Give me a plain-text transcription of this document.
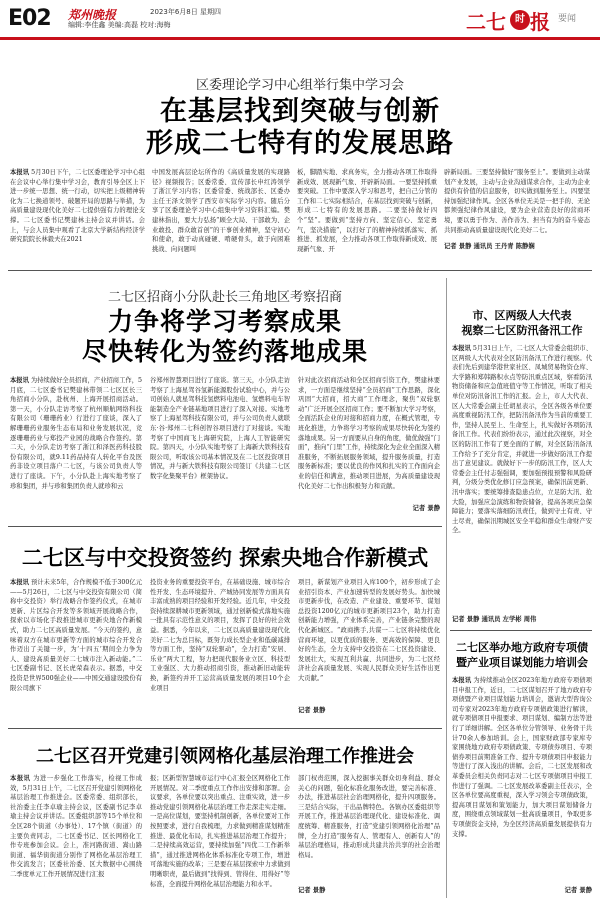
E02 郑州晚报	2023年6月8日 星期四
编辑:李佳鑫 美编:高磊 校对:海梅	二七 时 报 要闻
区委理论学习中心组举行集中学习会
在基层找到突破与创新
形成二七特有的发展思路
本报讯 5月30日下午，二七区委理论学习中心组在会议中心举行集中学习会，教育引导全区上下进一步统一思想、统一行动，切实把上级精神转化为二七换道领号、破题开局的思路与举措，为高质量建设现代化美好二七提供强有力的理论支撑。二七区委书记樊建林主持会议并讲话。会上，与会人员集中观看了北京大学新结构经济学研究院院长林毅夫在2021
中国发展高层论坛所作的《高质量发展的实现路径》视频报告；区委常委、宣传部长申红涛领学了浙江学习内容；区委常委、统战部长、区委办主任王泽文领学了西安市实际学习内容。随后分享了区委理论学习中心组集中学习资料汇编。樊建林指出，要大力弘扬“顾全大局、干部敢为、企业敢投、群众敢首创”的干事创业精神，坚守初心和使命，敢于动真碰硬、啃硬骨头，敢于向困难挑战、向问题叫
板，脚踏实地、求真务实，全力推动各项工作取得新成效、展现新气象、开辟新局面。一要坚持抓重要突破。工作中要深入学习和思考，把自己分管的工作和二七实际相结合，在基层找到突破与创新，形成二七特有的发展思路。二要坚持做好四个“坚”。要做到“坚持方向、坚定信心、坚定勇气，坚决措施”，以打好了的精神持续抓落实、抓推进、抓发展，全力推动各项工作取得新成效、展现新气象、开
辟新局面。三要坚持做好“服务至上”。要做到主动谋划产业发展，主动与企业沟通谋求合作，主动为企业提供有价值的信息服务，切实做到服务至上。四要坚持加强纪律作风。全区各单位无关是一把手的、无论都须强纪律作风建设，要为企业营造良好的营商环境，要以勇于作为、善作善为、担当有为的奋斗姿态共同推动高质量建设现代化美好二七。
记者 景静 通讯员 王丹青 陈静娴
二七区招商小分队赴长三角地区考察招商
力争将学习考察成果
尽快转化为签约落地成果
本报讯 为持续做好全员招商，产业招商工作，5月底，二七区委书记樊建林带领二七区区长三角招商小分队，赴杭州、上海开展招商活动。第一天，小分队走访考察了杭州顺航网络科技有限公司（珊珊药业）行进行了座谈，深入了解珊珊药业服务生态布局和业务发展状况，竞逐珊珊药业与郑投产业园的战略合作签约。第二天，小分队走访考察了浙江和泽医药科技股份有限公司，就9.11药品持有人转化平台及医药非设立项目落户二七区，与该公司负责人等进行了座谈。下午，小分队赴上海实地考察了珍和集团，并与珍和集团负责人就珍和云
谷郑州智慧项目进行了座谈。第三天，小分队走访考察了上海星驾谷氢新能源股份试验中心，并与公司创始人就星驾科技氢燃料电池电、氢燃料电车智能制造全产业链基地项目进行了深入对接。实地考察了上海星驾科技有限公司，并与公司负责人就联东·谷·郑州二七科创智谷项目进行了对接谈。实地考察了中国商飞上海研究院，上海人工智能研究院。第四天，小分队实地考察了上海新大铁科技有限公司，听取该公司基本情况及在二七区投资项目情况，并与新大铁科技有限公司签订《共建二七区数字化集聚平台》框架协议。
针对此次招商活动和全区招商引资工作，樊建林要求，一方面是继续坚持“全员招商”工作思路，深化巩固“大招商，招大商”工作理念，聚焦“双轮驱动”广泛开展全区招商工作；要不断加大学习考察，全面活跃企业的对接和招商力度，在概式管理，专班化推进，力争将学习考察的成果尽快转化为签约落地成果。另一方面要从自身的角度，做优做强“门面”，推向“门里”工作，持续深化为企业全面深入精准服务，不断拓展服务领域，提升服务质量，打造服务新标准；要以优良的作风和扎实的工作面向企业的信任和满意，推动项目进展，为高质量建设现代化美好二七作出积极努力和贡献。
记者 景静
二七区与中交投资签约 探索央地合作新模式
本报讯 预计未来5年，合作规模不低于300亿元——5月26日，二七区与中交投资有限公司（简称中交投资）举行战略合作签约仪式，在城市更新、片区综合开发等多领域开展战略合作，探索以市场化手段推进城市更新央地合作新模式，助力二七区高质量发展。“今天的签约，意味着双方在城市更新等方面的城市综合开发合作迈出了关键一步，为‘十四五’期间全力争为人、建设高质量美好二七城市注入新动能。”二七区委副书记、区长虎荣森表示。据悉，中交投资是世界500强企业——中国交通建设股份有限公司旗下
投资业务的重要投资平台，在基础设施、城市综合性开发、生态环境提升、产城协同发展等方面具有丰富成熟的项目经验和开发经验。近几年，中交投资持续深耕城市更新领域，通过创新模式落地实施一批具有示范性意义的项目，发挥了良好的社会效益。据悉，今年以来，二七区以高质量建设现代化美好二七为总目标，既努力成长型企业和低碳减排等方面工作，坚持“双轮驱动”，全力打造“安居、乐业”两大工程，努力把现代服务业立区、科技型工业强区、大力推动招商引资，推动新旧动能转换，新签约并开工运营高质量发展的项目10个企业项目
项目，新谋划产业项目入库100个，初步形成了企业招引资本、产业加速转型的发展好势头。加快城市更新步伐，在改造、产业建设、重要环节、谋划总投资1200亿元的城市更新项目23个，助力打造创新能力增强，产业体系完善，产业链条完整的现代化新城区。“政商携手,共谋一二七区将持续优化营商环境，以更优质的服务、更高效的保障、更良好的生态，全力支持中交投资在二七区投资建设、发展壮大，实现互利共赢、共同进步，为二七区经济社会高质量发展、实现人民群众美好生活作出更大贡献。”
记者 景静
二七区召开党建引领网格化基层治理工作推进会
本报讯 为进一步强化工作落实，检视工作成效，5月31日上午，二七区召开党建引领网格化基层治理工作推进会。区委常委、组织部长，社治委主任李卓瑜主持会议，区委副书记李卓瑜主持会议并讲话。区委组织部等15个单位和全区28个街道（办事处）、17个镇（街道）的主要负责同志，二七区委书记、区长网格化工作专班参加会议。会上，准河路街道、嵩山路街道、福华街街道分别作了网格化基层治理工作交流发言；区委社治委、区大数据中心围绕二季度单元工作开展情况进行汇报
报；区新型智慧城市运行中心汇报全区网格化工作开展情况。对二季度重点工作作出安排和部署。会议要求，各单位要以突出重点、注重实效，进一步推动党建引领网格化基层治理工作走深走实走细。一是高位谋划，要坚持机制创新，各单位要对工作按照要求，进行自我梳理，力求做到精准谋划精准推进、最优化布局，扎实推进基层治理工作提升；二是持续高效运营，要持续加强“四优二工作新举措”，通过推进网格化体系标准化专项工作，增进可落地实施的改革；三是要在基层探索中力求做到明晰职责，最后做到“找得到、管得住、用得好”等标准，全面提升网格化基层治理能力和水平。
部门权责范围，深入挖掘事关群众切身利益、群众关心的问题，强化标准化服务改进，要完善标准、办法，推进基层社会治理网格化，提升四项服务。三是结合实际，干出品牌特色。各镇办区委组织等开展工作，推进基层治理现代化、建设标准化、调度统筹、精准服务，打造“党建引领网格化治理”品牌，全力打造“服务有人、管理有人、创新有人”的基层治理格局，推动形成共建共治共享的社会治理格局。
记者 景静
市、区两级人大代表
视察二七区防汛备汛工作
本报讯 5月31日上午，二七区人大常委会组织市、区两级人大代表对全区防汛备汛工作进行视察。代表们先后到建华港世家社区、凤城贸易物资仓库、大学路和郑韩路积水点等防汛重点区域，察看防汛物资储备和应急值班值守等工作情况，听取了相关单位对防汛备汛工作的汇报。会上，市人大代表、区人大常委会副主任胡星表示，全区各级各单位要高度重视防汛工作，把防汛备汛作为当前的重要工作，坚持人民至上、生命至上，扎实做好各项防汛备汛工作。代表们纷纷表示，通过此次视察，对全区的防汛工作有了更全面的了解，对全区防汛备汛工作给予了充分肯定，并就进一步做好防汛工作提出了意见建议。就做好下一步的防汛工作，区人大常委会主任付志强强调，要加强预报预警和风险研判，分级分类优化修订应急预案，确保汛前更新、汛中落实；要统筹排查隐患点位，立足防大汛、抢大险，加强应急演练和物资储备，提高各项应急保障能力；要落实落细防汛责任，做到守土有责、守土尽责，确保汛期城区安全平稳和群众生命财产安全。
记者 景静 通讯员 左学彬 周伟
二七区举办地方政府专项债
暨产业项目谋划能力培训会
本报讯 为持续推动全区2023年地方政府专项债项目申报工作，近日，二七区谋划召开了地方政府专项债暨产业项目谋划能力培训会，邀请大型咨询公司专家对2023年地方政府专项债政策进行解读，就专项债项目申报要求、项目谋划、编制方法等进行了详细讲解。全区各单位分管领导、业务骨干共计70余人参加培训。会上，国家财政部专家库专家围绕地方政府专项债政策、专项债券项目、专项债券项目前期准备工作、提升专项债项目申报能力等进行了深入浅出的讲解。会后，二七区发展和改革委员会相关负责同志对二七区专项债项目申报工作进行了强调。二七区发展改革委副主任表示，全区各单位要高度重视，深入学习领会专项债政策，提高项目谋划和策划能力，加大项目谋划储备力度，围绕重点领域谋划一批高质量项目，争取更多专项债资金支持，为全区经济高质量发展提供有力支撑。
记者 景静
